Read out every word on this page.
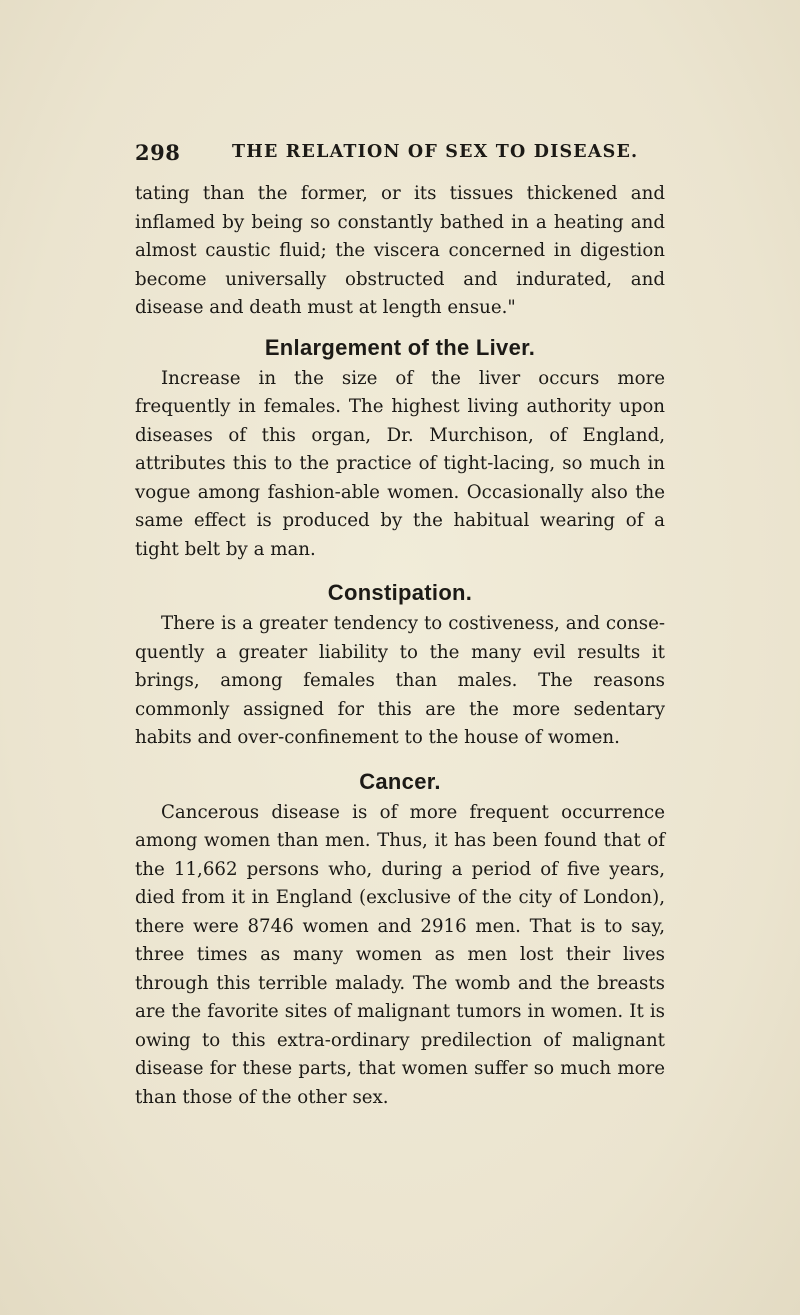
298	THE RELATION OF SEX TO DISEASE.

tating than the former, or its tissues thickened and inflamed by being so constantly bathed in a heating and almost caustic fluid; the viscera concerned in digestion become universally obstructed and indurated, and disease and death must at length ensue."

Enlargement of the Liver.

Increase in the size of the liver occurs more frequently in females. The highest living authority upon diseases of this organ, Dr. Murchison, of England, attributes this to the practice of tight-lacing, so much in vogue among fashion-able women. Occasionally also the same effect is produced by the habitual wearing of a tight belt by a man.

Constipation.

There is a greater tendency to costiveness, and conse-quently a greater liability to the many evil results it brings, among females than males. The reasons commonly assigned for this are the more sedentary habits and over-confinement to the house of women.

Cancer.

Cancerous disease is of more frequent occurrence among women than men. Thus, it has been found that of the 11,662 persons who, during a period of five years, died from it in England (exclusive of the city of London), there were 8746 women and 2916 men. That is to say, three times as many women as men lost their lives through this terrible malady. The womb and the breasts are the favorite sites of malignant tumors in women. It is owing to this extra-ordinary predilection of malignant disease for these parts, that women suffer so much more than those of the other sex.
